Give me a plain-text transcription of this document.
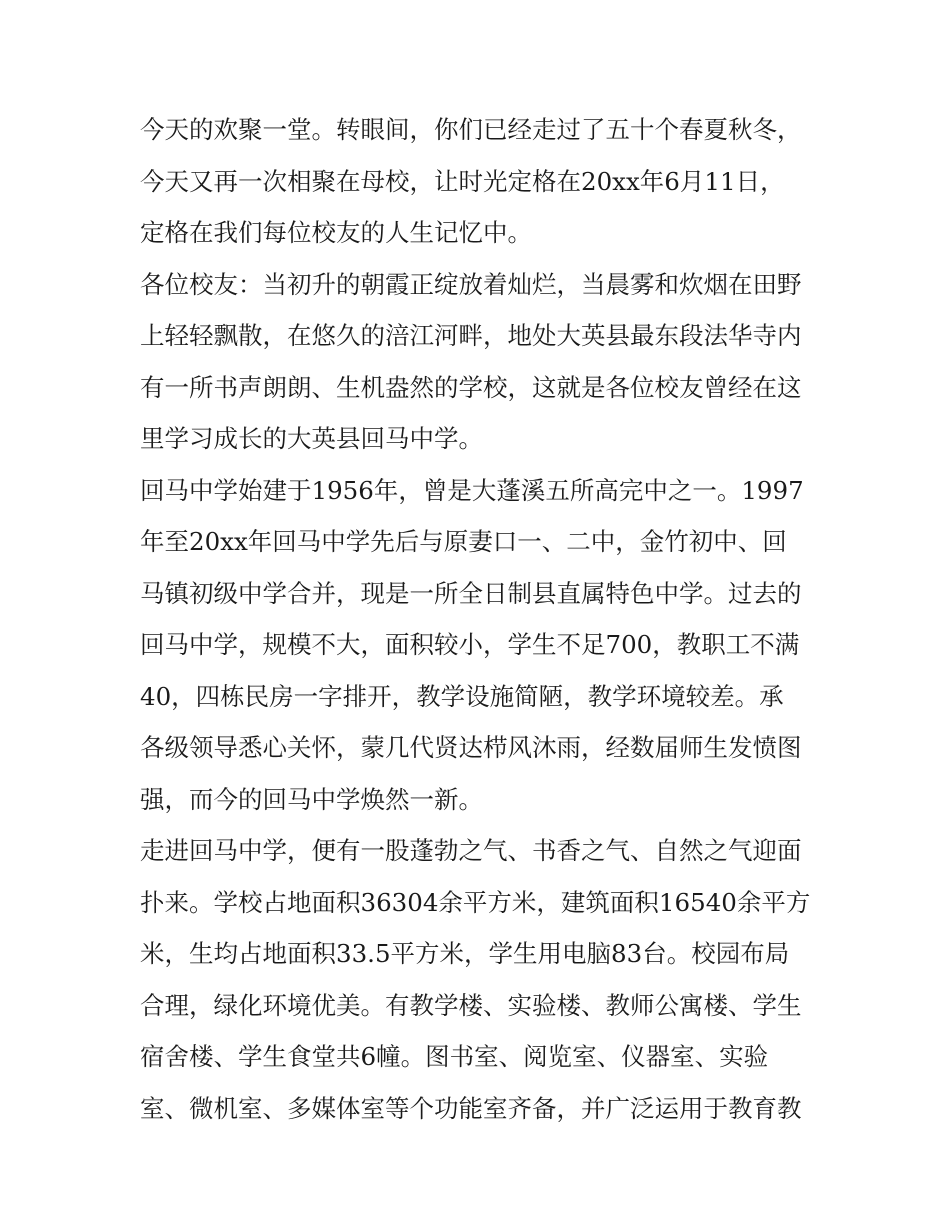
今天的欢聚一堂。转眼间，你们已经走过了五十个春夏秋冬，
今天又再一次相聚在母校，让时光定格在20xx年6月11日，
定格在我们每位校友的人生记忆中。
各位校友：当初升的朝霞正绽放着灿烂，当晨雾和炊烟在田野
上轻轻飘散，在悠久的涪江河畔，地处大英县最东段法华寺内
有一所书声朗朗、生机盎然的学校，这就是各位校友曾经在这
里学习成长的大英县回马中学。
回马中学始建于1956年，曾是大蓬溪五所高完中之一。1997
年至20xx年回马中学先后与原妻口一、二中，金竹初中、回
马镇初级中学合并，现是一所全日制县直属特色中学。过去的
回马中学，规模不大，面积较小，学生不足700，教职工不满
40，四栋民房一字排开，教学设施简陋，教学环境较差。承
各级领导悉心关怀，蒙几代贤达栉风沐雨，经数届师生发愤图
强，而今的回马中学焕然一新。
走进回马中学，便有一股蓬勃之气、书香之气、自然之气迎面
扑来。学校占地面积36304余平方米，建筑面积16540余平方
米，生均占地面积33.5平方米，学生用电脑83台。校园布局
合理，绿化环境优美。有教学楼、实验楼、教师公寓楼、学生
宿舍楼、学生食堂共6幢。图书室、阅览室、仪器室、实验
室、微机室、多媒体室等个功能室齐备，并广泛运用于教育教
